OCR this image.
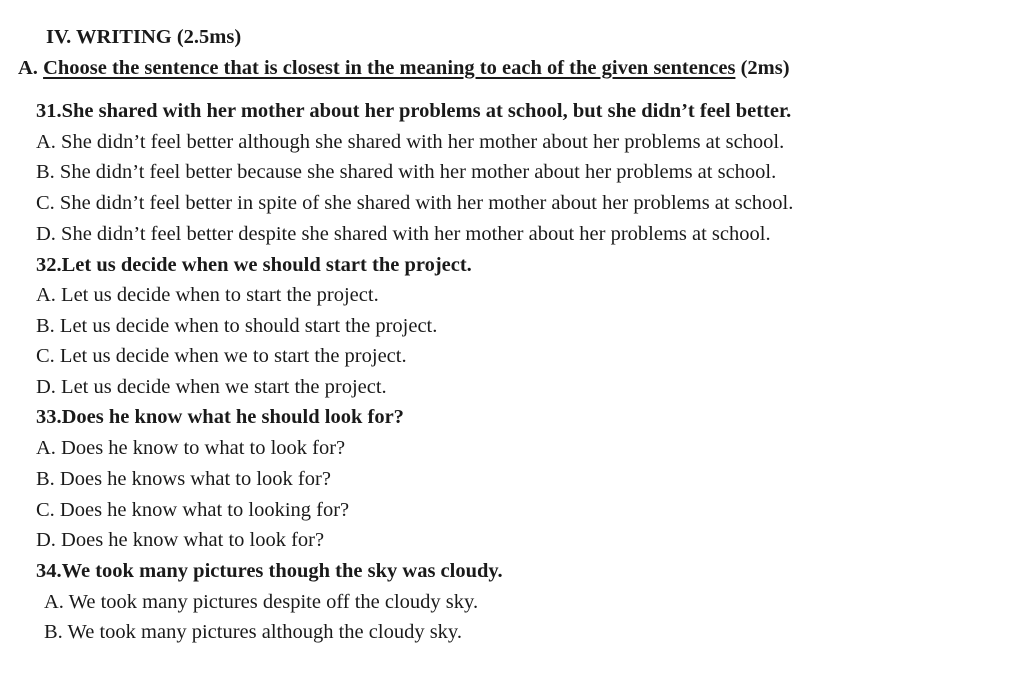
IV. WRITING (2.5ms)
A. Choose the sentence that is closest in the meaning to each of the given sentences (2ms)
31.She shared with her mother about her problems at school, but she didn’t feel better.
A. She didn’t feel better although she shared with her mother about her problems at school.
B. She didn’t feel better because she shared with her mother about her problems at school.
C. She didn’t feel better in spite of she shared with her mother about her problems at school.
D. She didn’t feel better despite she shared with her mother about her problems at school.
32.Let us decide when we should start the project.
A. Let us decide when to start the project.
B. Let us decide when to should start the project.
C. Let us decide when we to start the project.
D. Let us decide when we start the project.
33.Does he know what he should look for?
A. Does he know to what to look for?
B. Does he knows what to look for?
C. Does he know what to looking for?
D. Does he know what to look for?
34.We took many pictures though the sky was cloudy.
A. We took many pictures despite off the cloudy sky.
B. We took many pictures although the cloudy sky.
